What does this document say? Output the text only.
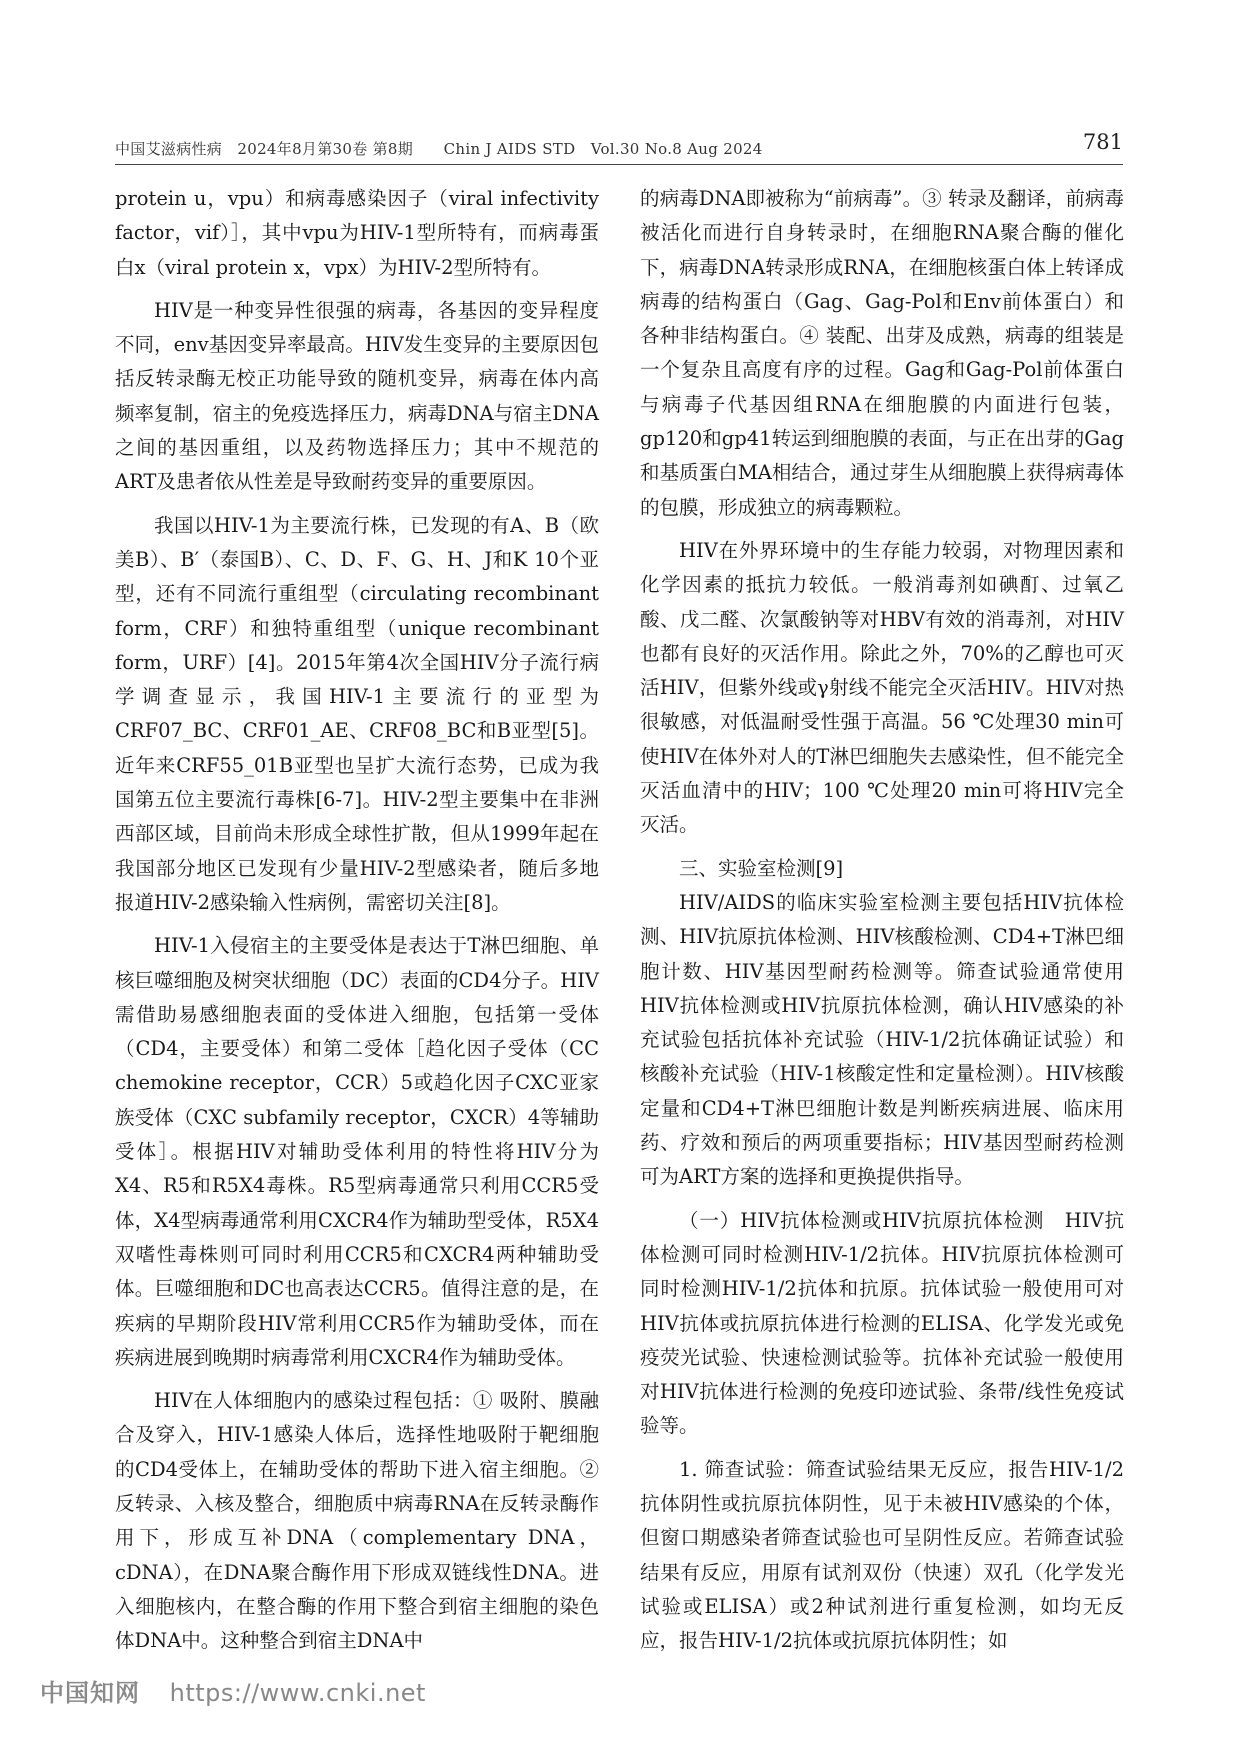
中国艾滋病性病　2024年8月第30卷 第8期　　Chin J AIDS STD　Vol.30 No.8 Aug 2024	781

protein u，vpu）和病毒感染因子（viral infectivity factor，vif）］，其中vpu为HIV-1型所特有，而病毒蛋白x（viral protein x，vpx）为HIV-2型所特有。

HIV是一种变异性很强的病毒，各基因的变异程度不同，env基因变异率最高。HIV发生变异的主要原因包括反转录酶无校正功能导致的随机变异，病毒在体内高频率复制，宿主的免疫选择压力，病毒DNA与宿主DNA之间的基因重组，以及药物选择压力；其中不规范的ART及患者依从性差是导致耐药变异的重要原因。

我国以HIV-1为主要流行株，已发现的有A、B（欧美B）、B′（泰国B）、C、D、F、G、H、J和K 10个亚型，还有不同流行重组型（circulating recombinant form，CRF）和独特重组型（unique recombinant form，URF）[4]。2015年第4次全国HIV分子流行病学调查显示，我国HIV-1主要流行的亚型为CRF07_BC、CRF01_AE、CRF08_BC和B亚型[5]。近年来CRF55_01B亚型也呈扩大流行态势，已成为我国第五位主要流行毒株[6-7]。HIV-2型主要集中在非洲西部区域，目前尚未形成全球性扩散，但从1999年起在我国部分地区已发现有少量HIV-2型感染者，随后多地报道HIV-2感染输入性病例，需密切关注[8]。

HIV-1入侵宿主的主要受体是表达于T淋巴细胞、单核巨噬细胞及树突状细胞（DC）表面的CD4分子。HIV需借助易感细胞表面的受体进入细胞，包括第一受体（CD4，主要受体）和第二受体［趋化因子受体（CC chemokine receptor，CCR）5或趋化因子CXC亚家族受体（CXC subfamily receptor，CXCR）4等辅助受体］。根据HIV对辅助受体利用的特性将HIV分为X4、R5和R5X4毒株。R5型病毒通常只利用CCR5受体，X4型病毒通常利用CXCR4作为辅助型受体，R5X4双嗜性毒株则可同时利用CCR5和CXCR4两种辅助受体。巨噬细胞和DC也高表达CCR5。值得注意的是，在疾病的早期阶段HIV常利用CCR5作为辅助受体，而在疾病进展到晚期时病毒常利用CXCR4作为辅助受体。

HIV在人体细胞内的感染过程包括：① 吸附、膜融合及穿入，HIV-1感染人体后，选择性地吸附于靶细胞的CD4受体上，在辅助受体的帮助下进入宿主细胞。② 反转录、入核及整合，细胞质中病毒RNA在反转录酶作用下，形成互补DNA（complementary DNA，cDNA），在DNA聚合酶作用下形成双链线性DNA。进入细胞核内，在整合酶的作用下整合到宿主细胞的染色体DNA中。这种整合到宿主DNA中

的病毒DNA即被称为“前病毒”。③ 转录及翻译，前病毒被活化而进行自身转录时，在细胞RNA聚合酶的催化下，病毒DNA转录形成RNA，在细胞核蛋白体上转译成病毒的结构蛋白（Gag、Gag-Pol和Env前体蛋白）和各种非结构蛋白。④ 装配、出芽及成熟，病毒的组装是一个复杂且高度有序的过程。Gag和Gag-Pol前体蛋白与病毒子代基因组RNA在细胞膜的内面进行包装，gp120和gp41转运到细胞膜的表面，与正在出芽的Gag和基质蛋白MA相结合，通过芽生从细胞膜上获得病毒体的包膜，形成独立的病毒颗粒。

HIV在外界环境中的生存能力较弱，对物理因素和化学因素的抵抗力较低。一般消毒剂如碘酊、过氧乙酸、戊二醛、次氯酸钠等对HBV有效的消毒剂，对HIV也都有良好的灭活作用。除此之外，70%的乙醇也可灭活HIV，但紫外线或γ射线不能完全灭活HIV。HIV对热很敏感，对低温耐受性强于高温。56 ℃处理30 min可使HIV在体外对人的T淋巴细胞失去感染性，但不能完全灭活血清中的HIV；100 ℃处理20 min可将HIV完全灭活。

三、实验室检测[9]

HIV/AIDS的临床实验室检测主要包括HIV抗体检测、HIV抗原抗体检测、HIV核酸检测、CD4+T淋巴细胞计数、HIV基因型耐药检测等。筛查试验通常使用HIV抗体检测或HIV抗原抗体检测，确认HIV感染的补充试验包括抗体补充试验（HIV-1/2抗体确证试验）和核酸补充试验（HIV-1核酸定性和定量检测）。HIV核酸定量和CD4+T淋巴细胞计数是判断疾病进展、临床用药、疗效和预后的两项重要指标；HIV基因型耐药检测可为ART方案的选择和更换提供指导。

（一）HIV抗体检测或HIV抗原抗体检测　HIV抗体检测可同时检测HIV-1/2抗体。HIV抗原抗体检测可同时检测HIV-1/2抗体和抗原。抗体试验一般使用可对HIV抗体或抗原抗体进行检测的ELISA、化学发光或免疫荧光试验、快速检测试验等。抗体补充试验一般使用对HIV抗体进行检测的免疫印迹试验、条带/线性免疫试验等。

1. 筛查试验：筛查试验结果无反应，报告HIV-1/2抗体阴性或抗原抗体阴性，见于未被HIV感染的个体，但窗口期感染者筛查试验也可呈阴性反应。若筛查试验结果有反应，用原有试剂双份（快速）双孔（化学发光试验或ELISA）或2种试剂进行重复检测，如均无反应，报告HIV-1/2抗体或抗原抗体阴性；如

中国知网 https://www.cnki.net
